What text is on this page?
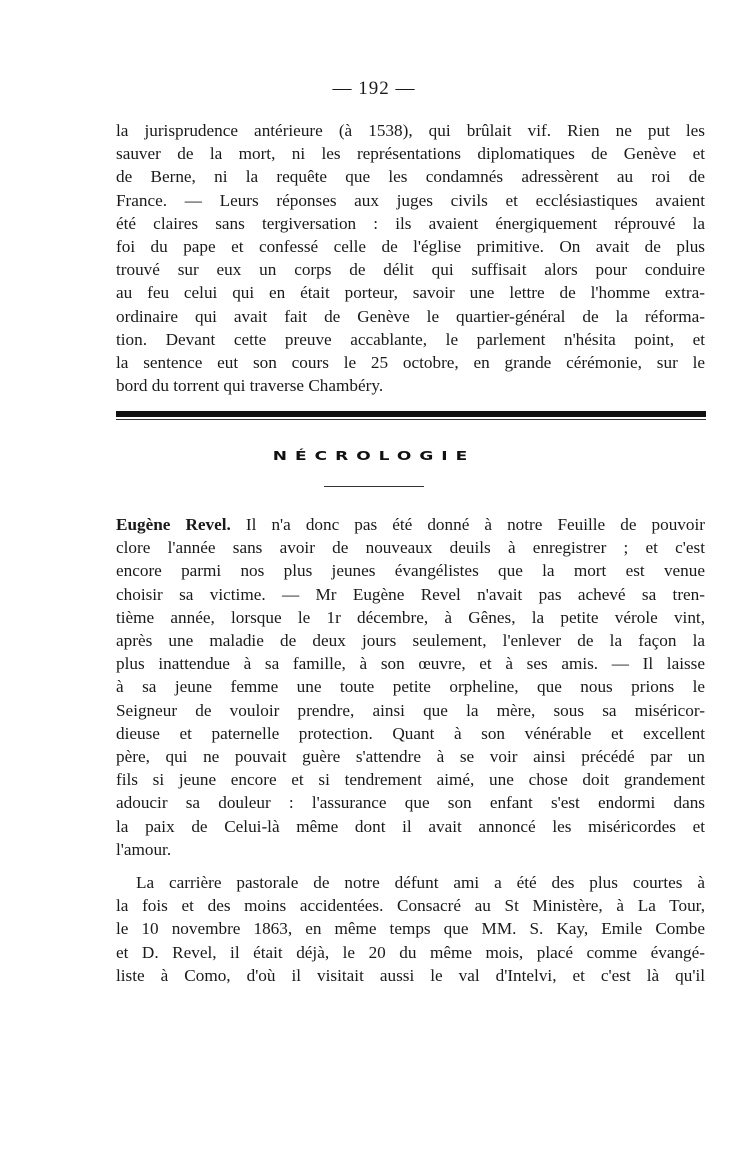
— 192 —

la jurisprudence antérieure (à 1538), qui brûlait vif. Rien ne put les
sauver de la mort, ni les représentations diplomatiques de Genève et
de Berne, ni la requête que les condamnés adressèrent au roi de
France. — Leurs réponses aux juges civils et ecclésiastiques avaient
été claires sans tergiversation : ils avaient énergiquement réprouvé la
foi du pape et confessé celle de l'église primitive. On avait de plus
trouvé sur eux un corps de délit qui suffisait alors pour conduire
au feu celui qui en était porteur, savoir une lettre de l'homme extra-
ordinaire qui avait fait de Genève le quartier-général de la réforma-
tion. Devant cette preuve accablante, le parlement n'hésita point, et
la sentence eut son cours le 25 octobre, en grande cérémonie, sur le
bord du torrent qui traverse Chambéry.

NÉCROLOGIE

Eugène Revel. Il n'a donc pas été donné à notre Feuille de pouvoir
clore l'année sans avoir de nouveaux deuils à enregistrer ; et c'est
encore parmi nos plus jeunes évangélistes que la mort est venue
choisir sa victime. — Mr Eugène Revel n'avait pas achevé sa tren-
tième année, lorsque le 1r décembre, à Gênes, la petite vérole vint,
après une maladie de deux jours seulement, l'enlever de la façon la
plus inattendue à sa famille, à son œuvre, et à ses amis. — Il laisse
à sa jeune femme une toute petite orpheline, que nous prions le
Seigneur de vouloir prendre, ainsi que la mère, sous sa miséricor-
dieuse et paternelle protection. Quant à son vénérable et excellent
père, qui ne pouvait guère s'attendre à se voir ainsi précédé par un
fils si jeune encore et si tendrement aimé, une chose doit grandement
adoucir sa douleur : l'assurance que son enfant s'est endormi dans
la paix de Celui-là même dont il avait annoncé les miséricordes et
l'amour.

La carrière pastorale de notre défunt ami a été des plus courtes à
la fois et des moins accidentées. Consacré au St Ministère, à La Tour,
le 10 novembre 1863, en même temps que MM. S. Kay, Emile Combe
et D. Revel, il était déjà, le 20 du même mois, placé comme évangé-
liste à Como, d'où il visitait aussi le val d'Intelvi, et c'est là qu'il
